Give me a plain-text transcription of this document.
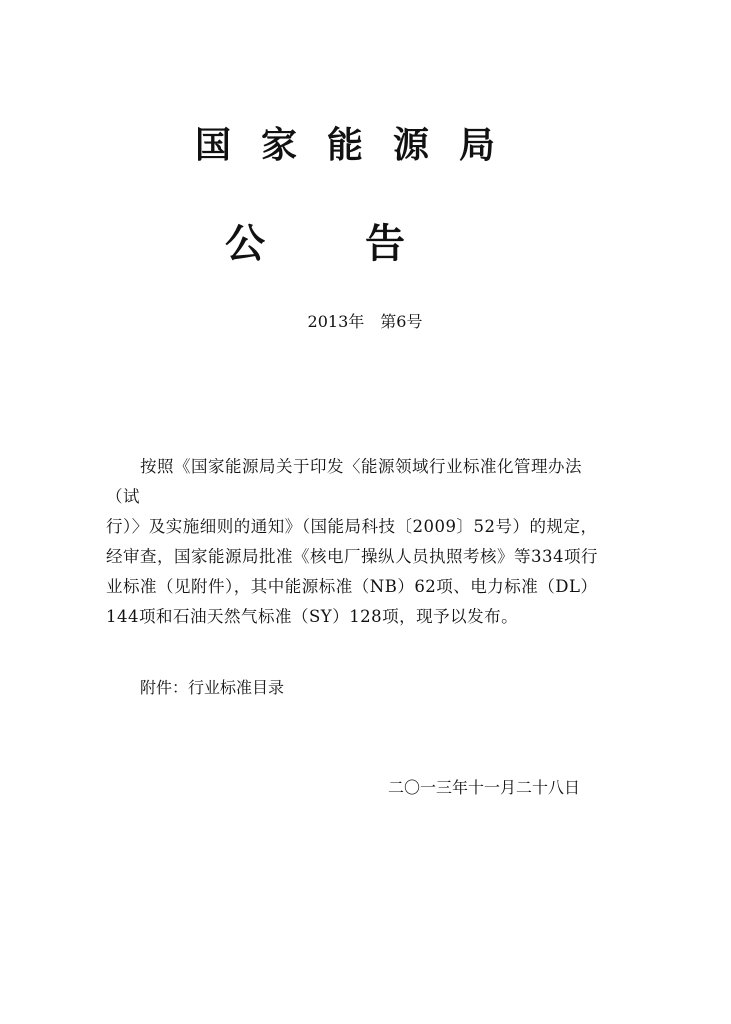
国家能源局
公告
2013年　第6号

　　按照《国家能源局关于印发〈能源领域行业标准化管理办法（试

行）〉及实施细则的通知》（国能局科技〔2009〕52号）的规定，

经审查，国家能源局批准《核电厂操纵人员执照考核》等334项行

业标准（见附件），其中能源标准（NB）62项、电力标准（DL）

144项和石油天然气标准（SY）128项，现予以发布。

附件：行业标准目录
二〇一三年十一月二十八日
